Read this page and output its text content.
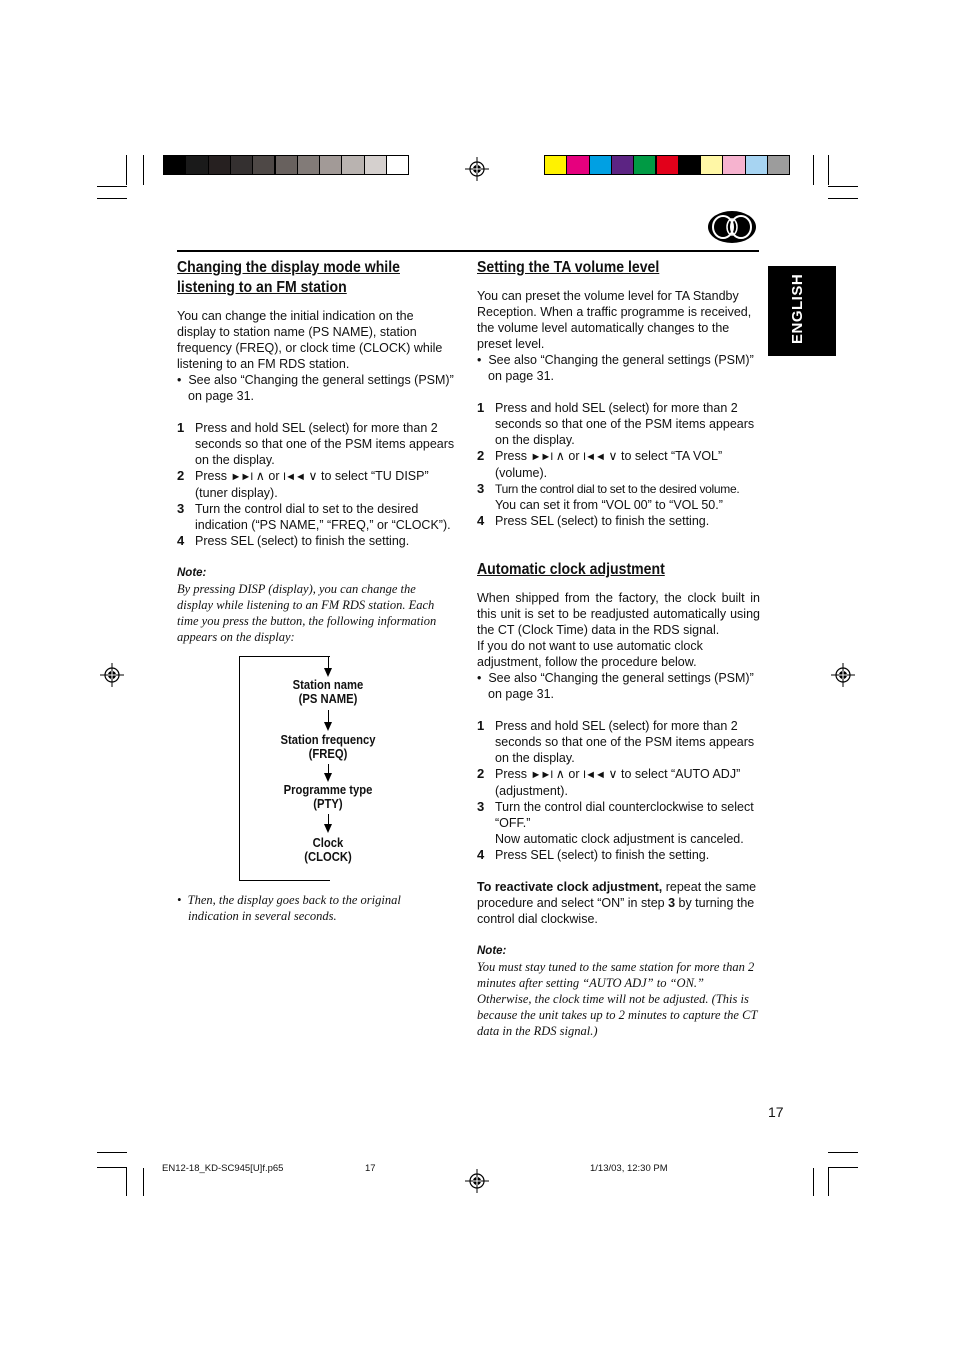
ENGLISH
Changing the display mode while
listening to an FM station

You can change the initial indication on the display to station name (PS NAME), station frequency (FREQ), or clock time (CLOCK) while listening to an FM RDS station.

•  See also “Changing the general settings (PSM)” on page 31.

1 Press and hold SEL (select) for more than 2 seconds so that one of the PSM items appears on the display.
2 Press ►►I ∧ or I◄◄ ∨ to select “TU DISP” (tuner display).
3 Turn the control dial to set to the desired indication (“PS NAME,” “FREQ,” or “CLOCK”).
4 Press SEL (select) to finish the setting.

Note:

By pressing DISP (display), you can change the display while listening to an FM RDS station. Each time you press the button, the following information appears on the display:

Station name
(PS NAME)
Station frequency
(FREQ)
Programme type
(PTY)
Clock
(CLOCK)
•  Then, the display goes back to the original indication in several seconds.
Setting the TA volume level

You can preset the volume level for TA Standby Reception. When a traffic programme is received, the volume level automatically changes to the preset level.

•  See also “Changing the general settings (PSM)” on page 31.

1 Press and hold SEL (select) for more than 2 seconds so that one of the PSM items appears on the display.
2 Press ►►I ∧ or I◄◄ ∨ to select “TA VOL” (volume).
3 Turn the control dial to set to the desired volume.
You can set it from “VOL 00” to “VOL 50.”
4 Press SEL (select) to finish the setting.
Automatic clock adjustment

When shipped from the factory, the clock built in this unit is set to be readjusted automatically using the CT (Clock Time) data in the RDS signal.

If you do not want to use automatic clock adjustment, follow the procedure below.

•  See also “Changing the general settings (PSM)” on page 31.

1 Press and hold SEL (select) for more than 2 seconds so that one of the PSM items appears on the display.
2 Press ►►I ∧ or I◄◄ ∨ to select “AUTO ADJ” (adjustment).
3 Turn the control dial counterclockwise to select “OFF.”
Now automatic clock adjustment is canceled.
4 Press SEL (select) to finish the setting.

To reactivate clock adjustment, repeat the same procedure and select “ON” in step 3 by turning the control dial clockwise.

Note:

You must stay tuned to the same station for more than 2 minutes after setting “AUTO ADJ” to “ON.” Otherwise, the clock time will not be adjusted. (This is because the unit takes up to 2 minutes to capture the CT data in the RDS signal.)

17
EN12-18_KD-SC945[U]f.p65	17	1/13/03, 12:30 PM
